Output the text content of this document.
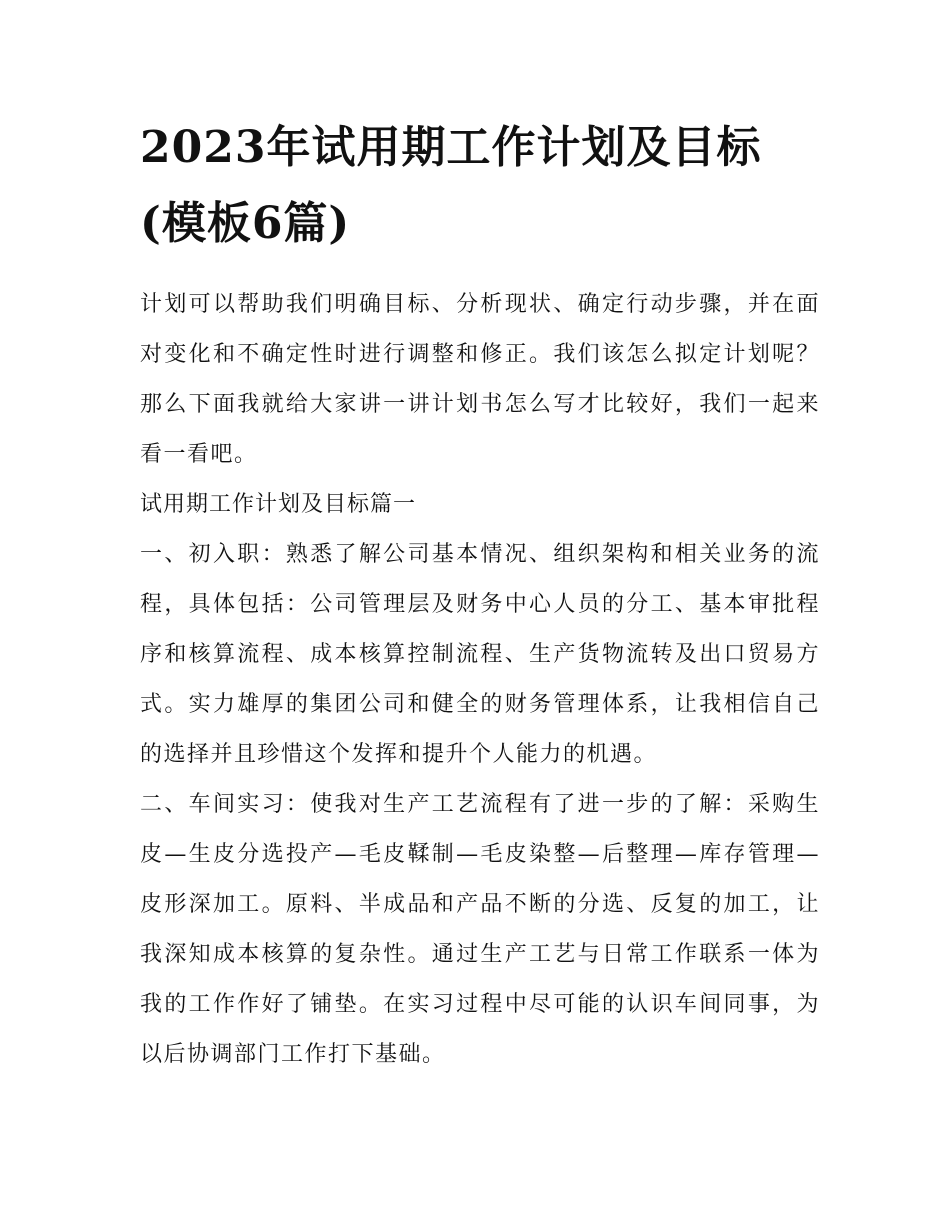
2023年试用期工作计划及目标(模板6篇)

计划可以帮助我们明确目标、分析现状、确定行动步骤，并在面对变化和不确定性时进行调整和修正。我们该怎么拟定计划呢？那么下面我就给大家讲一讲计划书怎么写才比较好，我们一起来看一看吧。

试用期工作计划及目标篇一

一、初入职：熟悉了解公司基本情况、组织架构和相关业务的流程，具体包括：公司管理层及财务中心人员的分工、基本审批程序和核算流程、成本核算控制流程、生产货物流转及出口贸易方式。实力雄厚的集团公司和健全的财务管理体系，让我相信自己的选择并且珍惜这个发挥和提升个人能力的机遇。

二、车间实习：使我对生产工艺流程有了进一步的了解：采购生皮—生皮分选投产—毛皮鞣制—毛皮染整—后整理—库存管理—皮形深加工。原料、半成品和产品不断的分选、反复的加工，让我深知成本核算的复杂性。通过生产工艺与日常工作联系一体为我的工作作好了铺垫。在实习过程中尽可能的认识车间同事，为以后协调部门工作打下基础。
